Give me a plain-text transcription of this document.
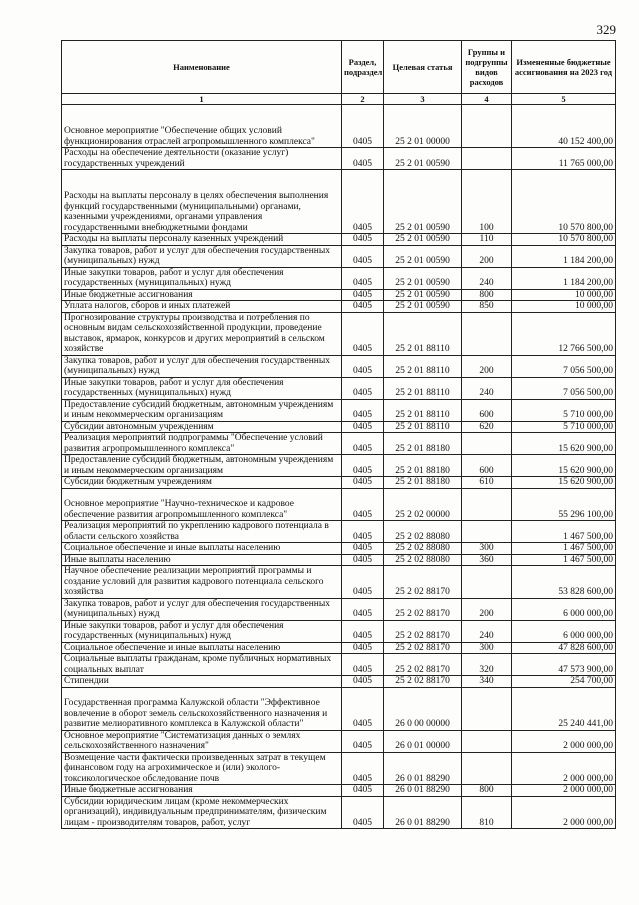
329
Наименование	Раздел, подраздел	Целевая статья	Группы и подгруппы видов расходов	Измененные бюджетные ассигнования на 2023 год
1	2	3	4	5
Основное мероприятие "Обеспечение общих условий функционирования отраслей агропромышленного комплекса"	0405	25 2 01 00000		40 152 400,00
Расходы на обеспечение деятельности (оказание услуг) государственных учреждений	0405	25 2 01 00590		11 765 000,00
Расходы на выплаты персоналу в целях обеспечения выполнения функций государственными (муниципальными) органами, казенными учреждениями, органами управления государственными внебюджетными фондами	0405	25 2 01 00590	100	10 570 800,00
Расходы на выплаты персоналу казенных учреждений	0405	25 2 01 00590	110	10 570 800,00
Закупка товаров, работ и услуг для обеспечения государственных (муниципальных) нужд	0405	25 2 01 00590	200	1 184 200,00
Иные закупки товаров, работ и услуг для обеспечения государственных (муниципальных) нужд	0405	25 2 01 00590	240	1 184 200,00
Иные бюджетные ассигнования	0405	25 2 01 00590	800	10 000,00
Уплата налогов, сборов и иных платежей	0405	25 2 01 00590	850	10 000,00
Прогнозирование структуры производства и потребления по основным видам сельскохозяйственной продукции, проведение выставок, ярмарок, конкурсов и других мероприятий в сельском хозяйстве	0405	25 2 01 88110		12 766 500,00
Закупка товаров, работ и услуг для обеспечения государственных (муниципальных) нужд	0405	25 2 01 88110	200	7 056 500,00
Иные закупки товаров, работ и услуг для обеспечения государственных (муниципальных) нужд	0405	25 2 01 88110	240	7 056 500,00
Предоставление субсидий бюджетным, автономным учреждениям и иным некоммерческим организациям	0405	25 2 01 88110	600	5 710 000,00
Субсидии автономным учреждениям	0405	25 2 01 88110	620	5 710 000,00
Реализация мероприятий подпрограммы "Обеспечение условий развития агропромышленного комплекса"	0405	25 2 01 88180		15 620 900,00
Предоставление субсидий бюджетным, автономным учреждениям и иным некоммерческим организациям	0405	25 2 01 88180	600	15 620 900,00
Субсидии бюджетным учреждениям	0405	25 2 01 88180	610	15 620 900,00
Основное мероприятие "Научно-техническое и кадровое обеспечение развития агропромышленного комплекса"	0405	25 2 02 00000		55 296 100,00
Реализация мероприятий по укреплению кадрового потенциала в области сельского хозяйства	0405	25 2 02 88080		1 467 500,00
Социальное обеспечение и иные выплаты населению	0405	25 2 02 88080	300	1 467 500,00
Иные выплаты населению	0405	25 2 02 88080	360	1 467 500,00
Научное обеспечение реализации мероприятий программы и создание условий для развития кадрового потенциала сельского хозяйства	0405	25 2 02 88170		53 828 600,00
Закупка товаров, работ и услуг для обеспечения государственных (муниципальных) нужд	0405	25 2 02 88170	200	6 000 000,00
Иные закупки товаров, работ и услуг для обеспечения государственных (муниципальных) нужд	0405	25 2 02 88170	240	6 000 000,00
Социальное обеспечение и иные выплаты населению	0405	25 2 02 88170	300	47 828 600,00
Социальные выплаты гражданам, кроме публичных нормативных социальных выплат	0405	25 2 02 88170	320	47 573 900,00
Стипендии	0405	25 2 02 88170	340	254 700,00
Государственная программа Калужской области "Эффективное вовлечение в оборот земель сельскохозяйственного назначения и развитие мелиоративного комплекса в Калужской области"	0405	26 0 00 00000		25 240 441,00
Основное мероприятие "Систематизация данных о землях сельскохозяйственного назначения"	0405	26 0 01 00000		2 000 000,00
Возмещение части фактически произведенных затрат в текущем финансовом году на агрохимическое и (или) эколого-токсикологическое обследование почв	0405	26 0 01 88290		2 000 000,00
Иные бюджетные ассигнования	0405	26 0 01 88290	800	2 000 000,00
Субсидии юридическим лицам (кроме некоммерческих организаций), индивидуальным предпринимателям, физическим лицам - производителям товаров, работ, услуг	0405	26 0 01 88290	810	2 000 000,00
